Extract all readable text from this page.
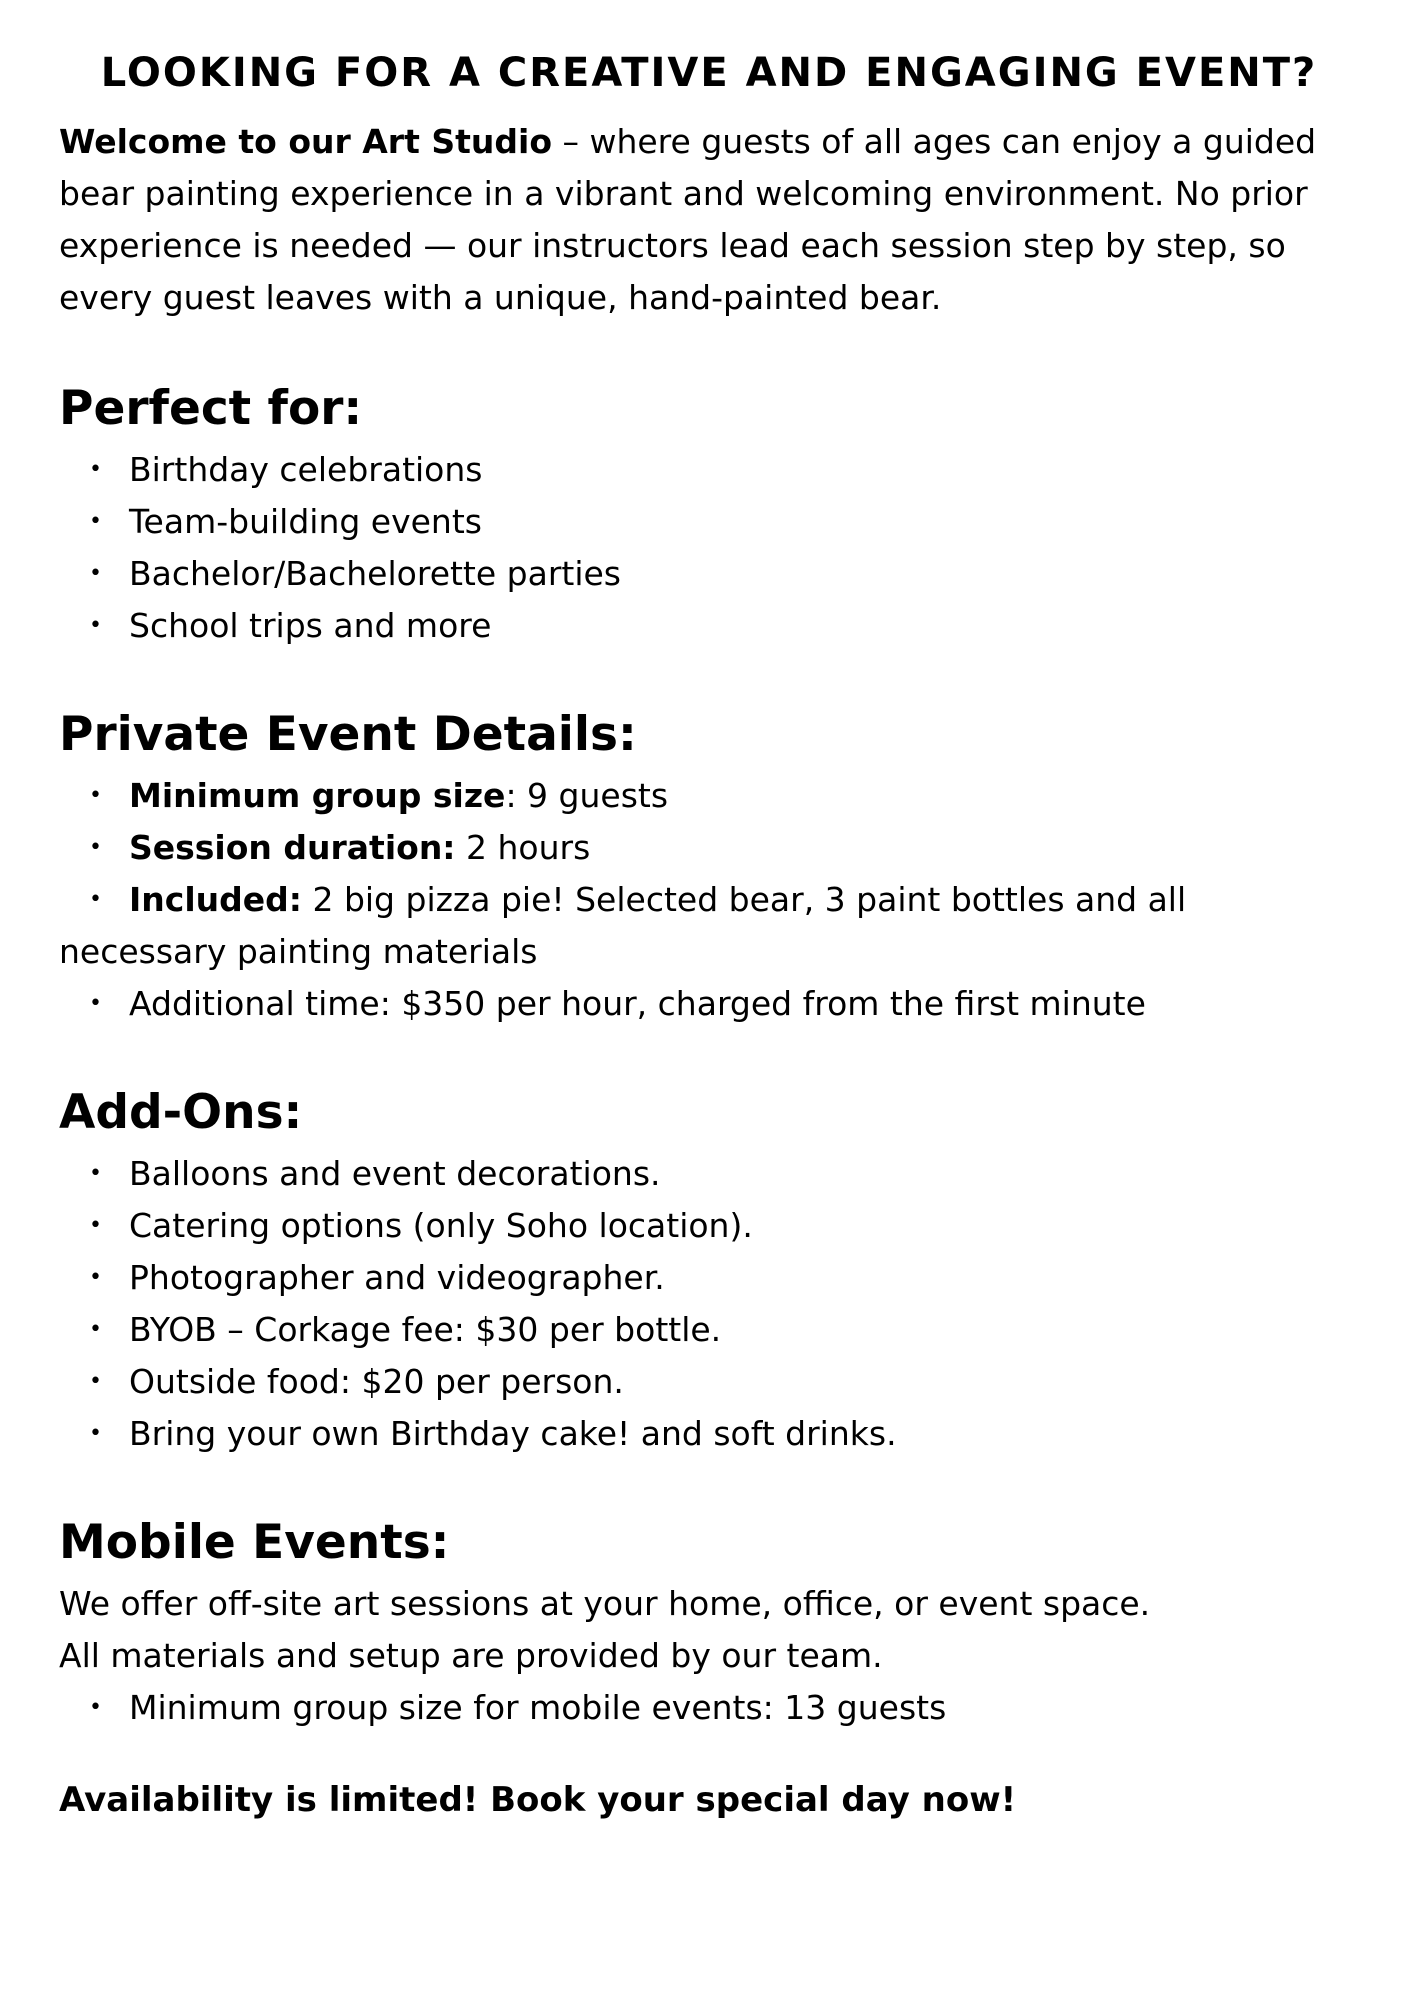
LOOKING FOR A CREATIVE AND ENGAGING EVENT?

Welcome to our Art Studio – where guests of all ages can enjoy a guided bear painting experience in a vibrant and welcoming environment. No prior experience is needed — our instructors lead each session step by step, so every guest leaves with a unique, hand-painted bear.

Perfect for:
• Birthday celebrations
• Team-building events
• Bachelor/Bachelorette parties
• School trips and more
Private Event Details:
• Minimum group size: 9 guests
• Session duration: 2 hours
• Included: 2 big pizza pie! Selected bear, 3 paint bottles and all necessary painting materials
• Additional time: $350 per hour, charged from the first minute
Add-Ons:
• Balloons and event decorations.
• Catering options (only Soho location).
• Photographer and videographer.
• BYOB – Corkage fee: $30 per bottle.
• Outside food: $20 per person.
• Bring your own Birthday cake! and soft drinks.
Mobile Events:

We offer off-site art sessions at your home, office, or event space.

All materials and setup are provided by our team.

• Minimum group size for mobile events: 13 guests

Availability is limited! Book your special day now!
